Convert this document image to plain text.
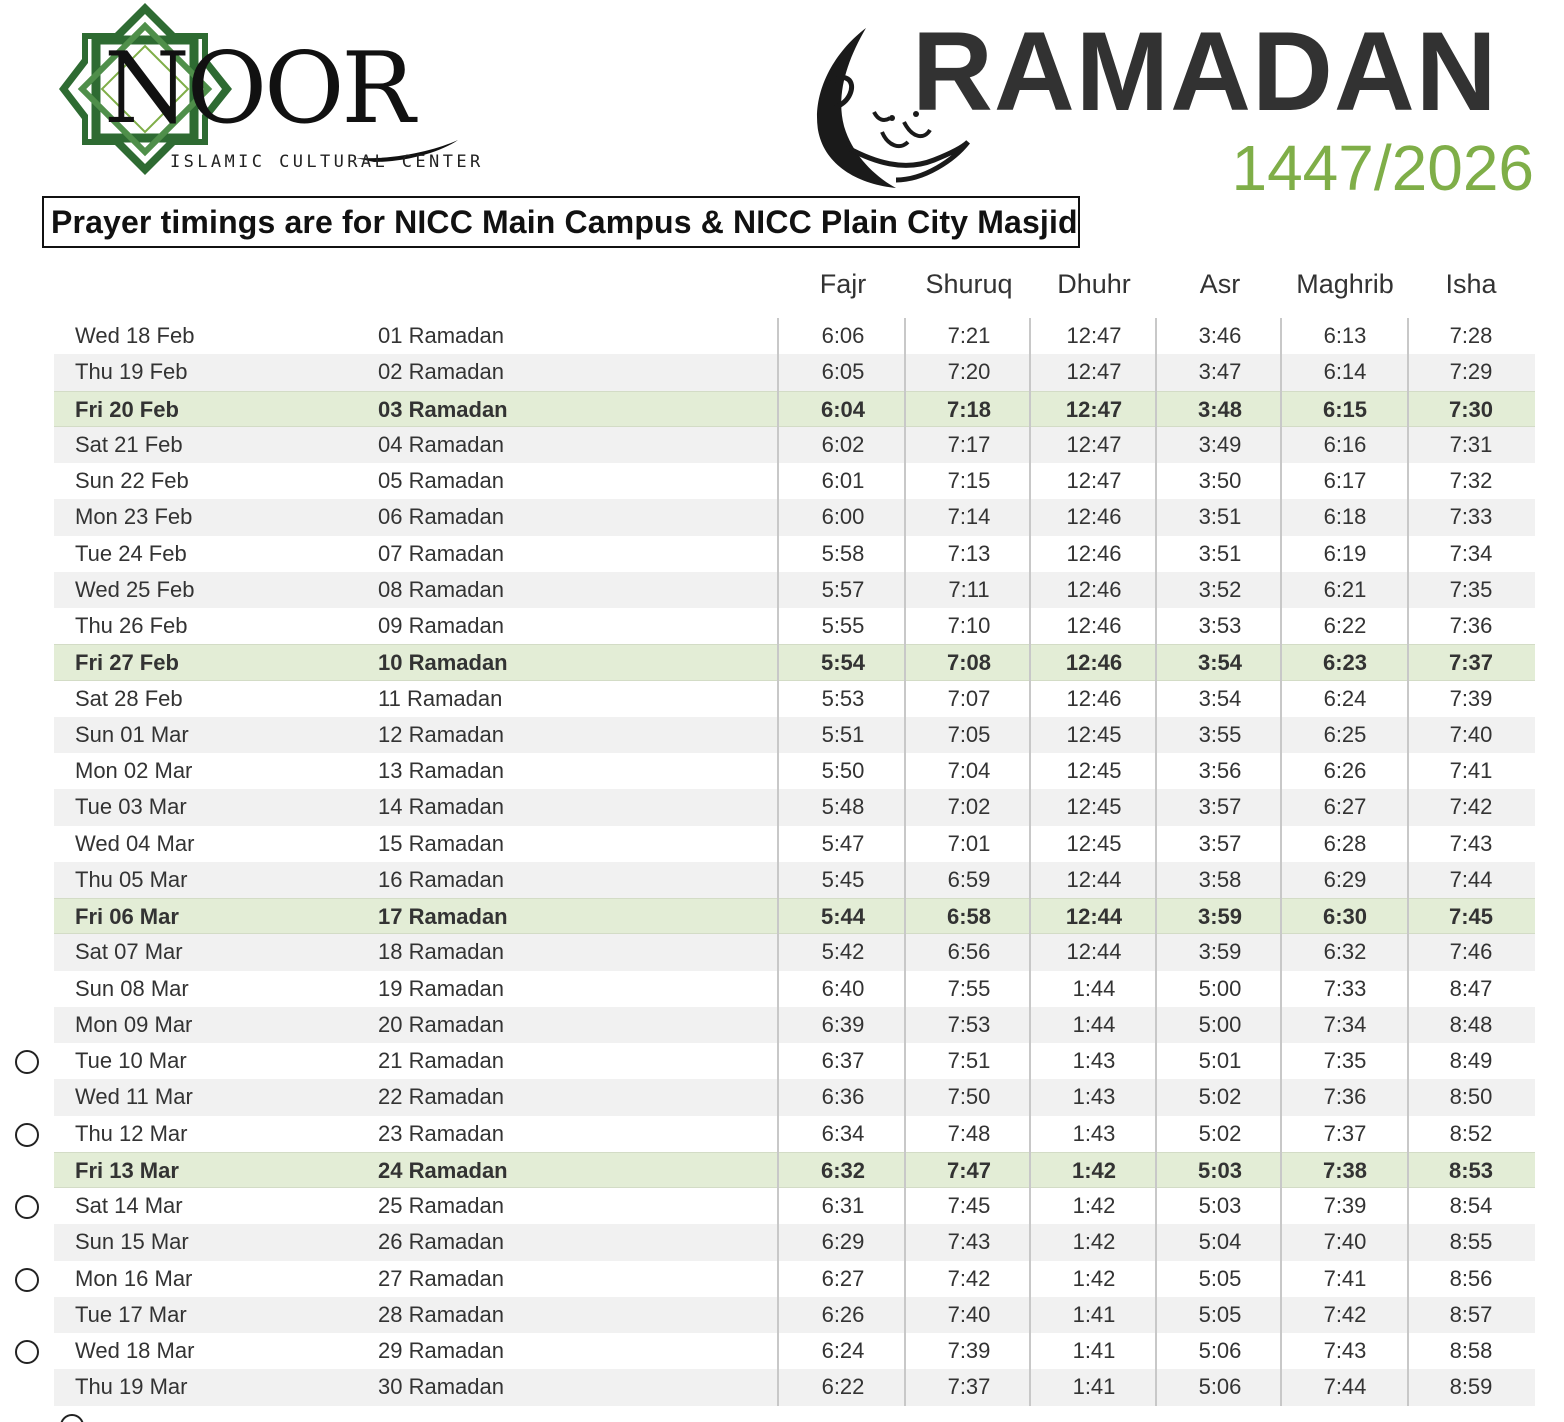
NOOR
ISLAMIC CULTURAL CENTER
RAMADAN
1447/2026
Prayer timings are for NICC Main Campus & NICC Plain City Masjid
Fajr	Shuruq	Dhuhr	Asr	Maghrib	Isha
Wed 18 Feb	01 Ramadan	6:06	7:21	12:47	3:46	6:13	7:28
Thu 19 Feb	02 Ramadan	6:05	7:20	12:47	3:47	6:14	7:29
Fri 20 Feb	03 Ramadan	6:04	7:18	12:47	3:48	6:15	7:30
Sat 21 Feb	04 Ramadan	6:02	7:17	12:47	3:49	6:16	7:31
Sun 22 Feb	05 Ramadan	6:01	7:15	12:47	3:50	6:17	7:32
Mon 23 Feb	06 Ramadan	6:00	7:14	12:46	3:51	6:18	7:33
Tue 24 Feb	07 Ramadan	5:58	7:13	12:46	3:51	6:19	7:34
Wed 25 Feb	08 Ramadan	5:57	7:11	12:46	3:52	6:21	7:35
Thu 26 Feb	09 Ramadan	5:55	7:10	12:46	3:53	6:22	7:36
Fri 27 Feb	10 Ramadan	5:54	7:08	12:46	3:54	6:23	7:37
Sat 28 Feb	11 Ramadan	5:53	7:07	12:46	3:54	6:24	7:39
Sun 01 Mar	12 Ramadan	5:51	7:05	12:45	3:55	6:25	7:40
Mon 02 Mar	13 Ramadan	5:50	7:04	12:45	3:56	6:26	7:41
Tue 03 Mar	14 Ramadan	5:48	7:02	12:45	3:57	6:27	7:42
Wed 04 Mar	15 Ramadan	5:47	7:01	12:45	3:57	6:28	7:43
Thu 05 Mar	16 Ramadan	5:45	6:59	12:44	3:58	6:29	7:44
Fri 06 Mar	17 Ramadan	5:44	6:58	12:44	3:59	6:30	7:45
Sat 07 Mar	18 Ramadan	5:42	6:56	12:44	3:59	6:32	7:46
Sun 08 Mar	19 Ramadan	6:40	7:55	1:44	5:00	7:33	8:47
Mon 09 Mar	20 Ramadan	6:39	7:53	1:44	5:00	7:34	8:48
Tue 10 Mar	21 Ramadan	6:37	7:51	1:43	5:01	7:35	8:49
Wed 11 Mar	22 Ramadan	6:36	7:50	1:43	5:02	7:36	8:50
Thu 12 Mar	23 Ramadan	6:34	7:48	1:43	5:02	7:37	8:52
Fri 13 Mar	24 Ramadan	6:32	7:47	1:42	5:03	7:38	8:53
Sat 14 Mar	25 Ramadan	6:31	7:45	1:42	5:03	7:39	8:54
Sun 15 Mar	26 Ramadan	6:29	7:43	1:42	5:04	7:40	8:55
Mon 16 Mar	27 Ramadan	6:27	7:42	1:42	5:05	7:41	8:56
Tue 17 Mar	28 Ramadan	6:26	7:40	1:41	5:05	7:42	8:57
Wed 18 Mar	29 Ramadan	6:24	7:39	1:41	5:06	7:43	8:58
Thu 19 Mar	30 Ramadan	6:22	7:37	1:41	5:06	7:44	8:59
